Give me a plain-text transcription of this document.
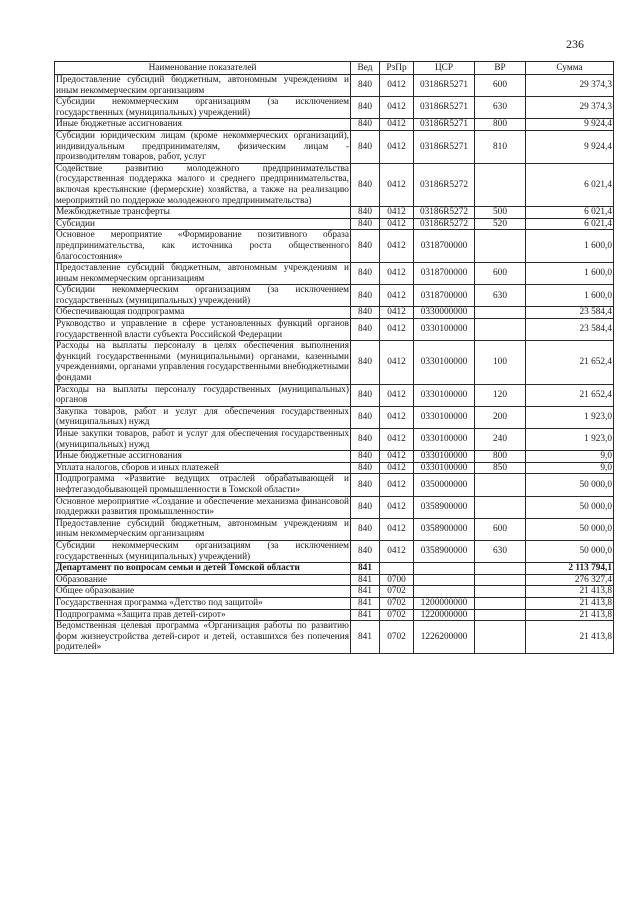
236
Наименование показателей	Вед	РзПр	ЦСР	ВР	Сумма
Предоставление субсидий бюджетным, автономным учреждениям и иным некоммерческим организациям	840	0412	03186R5271	600	29 374,3
Субсидии некоммерческим организациям (за исключением государственных (муниципальных) учреждений)	840	0412	03186R5271	630	29 374,3
Иные бюджетные ассигнования	840	0412	03186R5271	800	9 924,4
Субсидии юридическим лицам (кроме некоммерческих организаций), индивидуальным предпринимателям, физическим лицам - производителям товаров, работ, услуг	840	0412	03186R5271	810	9 924,4
Содействие развитию молодежного предпринимательства (государственная поддержка малого и среднего предпринимательства, включая крестьянские (фермерские) хозяйства, а также на реализацию мероприятий по поддержке молодежного предпринимательства)	840	0412	03186R5272		6 021,4
Межбюджетные трансферты	840	0412	03186R5272	500	6 021,4
Субсидии	840	0412	03186R5272	520	6 021,4
Основное мероприятие «Формирование позитивного образа предпринимательства, как источника роста общественного благосостояния»	840	0412	0318700000		1 600,0
Предоставление субсидий бюджетным, автономным учреждениям и иным некоммерческим организациям	840	0412	0318700000	600	1 600,0
Субсидии некоммерческим организациям (за исключением государственных (муниципальных) учреждений)	840	0412	0318700000	630	1 600,0
Обеспечивающая подпрограмма	840	0412	0330000000		23 584,4
Руководство и управление в сфере установленных функций органов государственной власти субъекта Российской Федерации	840	0412	0330100000		23 584,4
Расходы на выплаты персоналу в целях обеспечения выполнения функций государственными (муниципальными) органами, казенными учреждениями, органами управления государственными внебюджетными фондами	840	0412	0330100000	100	21 652,4
Расходы на выплаты персоналу государственных (муниципальных) органов	840	0412	0330100000	120	21 652,4
Закупка товаров, работ и услуг для обеспечения государственных (муниципальных) нужд	840	0412	0330100000	200	1 923,0
Иные закупки товаров, работ и услуг для обеспечения государственных (муниципальных) нужд	840	0412	0330100000	240	1 923,0
Иные бюджетные ассигнования	840	0412	0330100000	800	9,0
Уплата налогов, сборов и иных платежей	840	0412	0330100000	850	9,0
Подпрограмма «Развитие ведущих отраслей обрабатывающей и нефтегазодобывающей промышленности в Томской области»	840	0412	0350000000		50 000,0
Основное мероприятие «Создание и обеспечение механизма финансовой поддержки развития промышленности»	840	0412	0358900000		50 000,0
Предоставление субсидий бюджетным, автономным учреждениям и иным некоммерческим организациям	840	0412	0358900000	600	50 000,0
Субсидии некоммерческим организациям (за исключением государственных (муниципальных) учреждений)	840	0412	0358900000	630	50 000,0
Департамент по вопросам семьи и детей Томской области	841				2 113 794,1
Образование	841	0700			276 327,4
Общее образование	841	0702			21 413,8
Государственная программа «Детство под защитой»	841	0702	1200000000		21 413,8
Подпрограмма «Защита прав детей-сирот»	841	0702	1220000000		21 413,8
Ведомственная целевая программа «Организация работы по развитию форм жизнеустройства детей-сирот и детей, оставшихся без попечения родителей»	841	0702	1226200000		21 413,8
